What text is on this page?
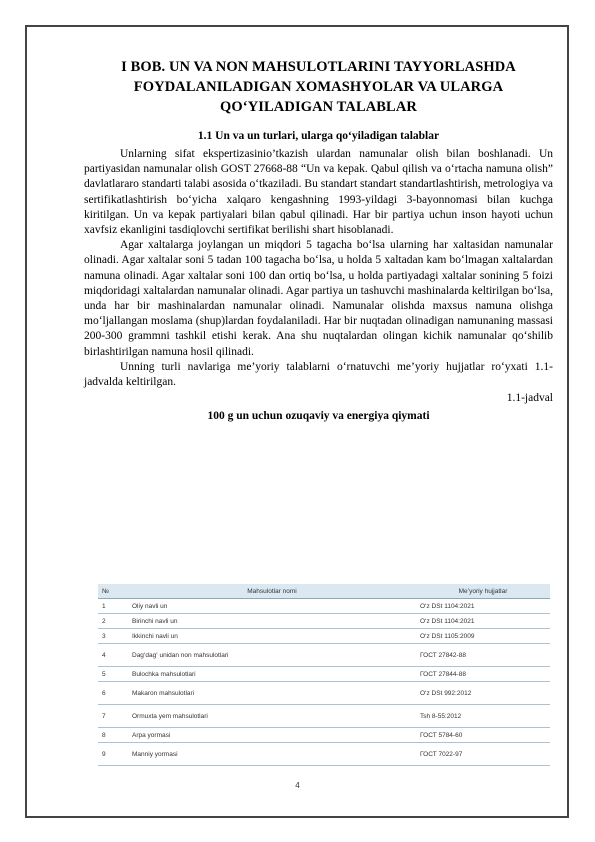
I BOB. UN VA NON MAHSULOTLARINI TAYYORLASHDA FOYDALANILADIGAN XOMASHYOLAR VA ULARGA QO‘YILADIGAN TALABLAR
1.1 Un va un turlari, ularga qo‘yiladigan talablar

Unlarning sifat ekspertizasinio’tkazish ulardan namunalar olish bilan boshlanadi. Un partiyasidan namunalar olish GOST 27668-88 “Un va kepak. Qabul qilish va o‘rtacha namuna olish” davlatlararo standarti talabi asosida o‘tkaziladi. Bu standart standart standartlashtirish, metrologiya va sertifikatlashtirish bo‘yicha xalqaro kengashning 1993-yildagi 3-bayonnomasi bilan kuchga kiritilgan. Un va kepak partiyalari bilan qabul qilinadi. Har bir partiya uchun inson hayoti uchun xavfsiz ekanligini tasdiqlovchi sertifikat berilishi shart hisoblanadi.

Agar xaltalarga joylangan un miqdori 5 tagacha bo‘lsa ularning har xaltasidan namunalar olinadi. Agar xaltalar soni 5 tadan 100 tagacha bo‘lsa, u holda 5 xaltadan kam bo‘lmagan xaltalardan namuna olinadi. Agar xaltalar soni 100 dan ortiq bo‘lsa, u holda partiyadagi xaltalar sonining 5 foizi miqdoridagi xaltalardan namunalar olinadi. Agar partiya un tashuvchi mashinalarda keltirilgan bo‘lsa, unda har bir mashinalardan namunalar olinadi. Namunalar olishda maxsus namuna olishga mo‘ljallangan moslama (shup)lardan foydalaniladi. Har bir nuqtadan olinadigan namunaning massasi 200-300 grammni tashkil etishi kerak. Ana shu nuqtalardan olingan kichik namunalar qo‘shilib birlashtirilgan namuna hosil qilinadi.

Unning turli navlariga me’yoriy talablarni o‘rnatuvchi me’yoriy hujjatlar ro‘yxati 1.1-jadvalda keltirilgan.

1.1-jadval
100 g un uchun ozuqaviy va energiya qiymati
№	Mahsulotlar nomi	Me’yoriy hujjatlar
1	Oliy navli un	O‘z DSt 1104:2021
2	Birinchi navli un	O‘z DSt 1104:2021
3	Ikkinchi navli un	O‘z DSt 1105:2009
4	Dag‘dag‘ unidan non mahsulotlari	ГОСТ 27842-88
5	Bulochka mahsulotlari	ГОСТ 27844-88
6	Makaron mahsulotlari	O‘z DSt 992:2012
7	Ormuxta yem mahsulotlari	Tsh 8-55:2012
8	Arpa yormasi	ГОСТ 5784-60
9	Manniy yormasi	ГОСТ 7022-97
4
